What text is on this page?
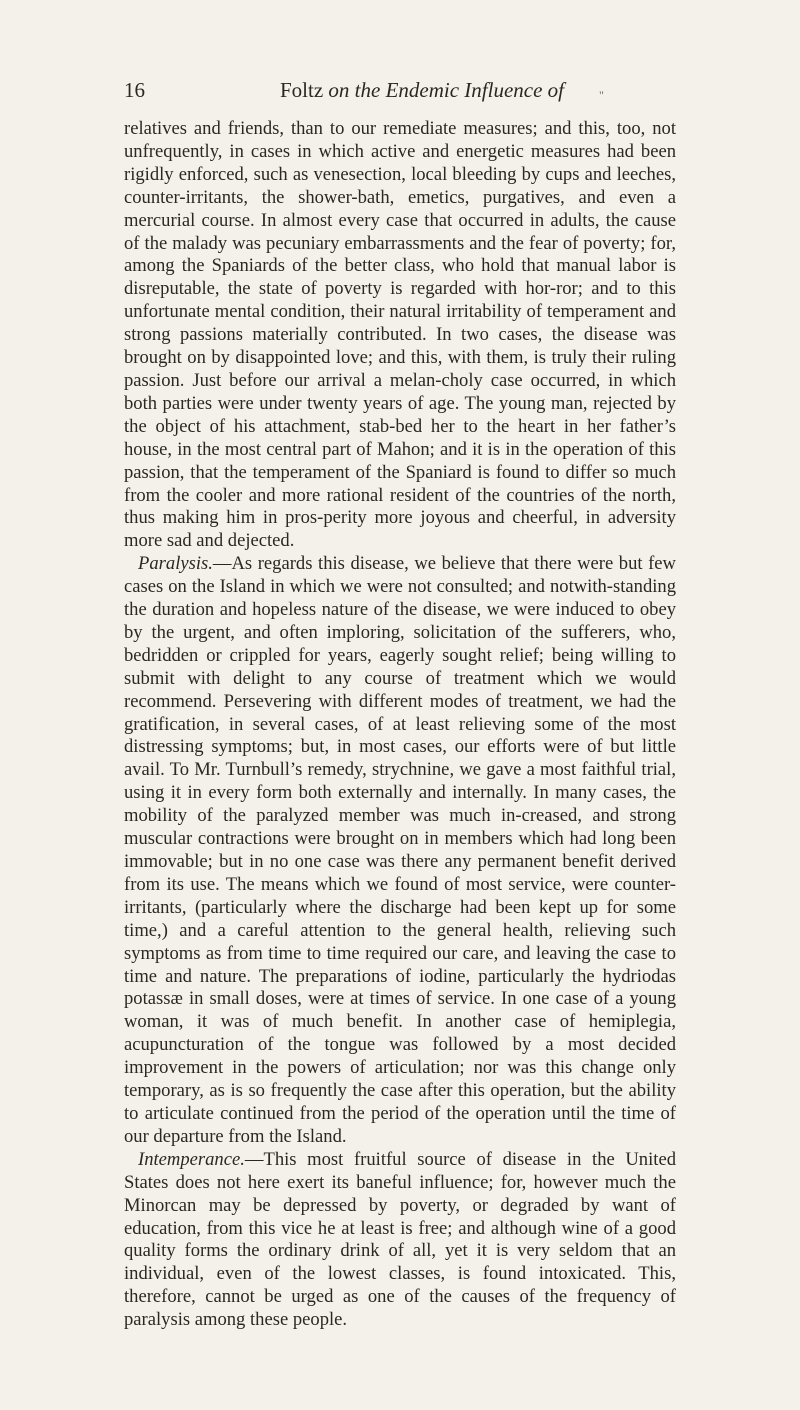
16	Foltz on the Endemic Influence of	"

relatives and friends, than to our remediate measures; and this, too, not unfrequently, in cases in which active and energetic measures had been rigidly enforced, such as venesection, local bleeding by cups and leeches, counter-irritants, the shower-bath, emetics, purgatives, and even a mercurial course. In almost every case that occurred in adults, the cause of the malady was pecuniary embarrassments and the fear of poverty; for, among the Spaniards of the better class, who hold that manual labor is disreputable, the state of poverty is regarded with hor-ror; and to this unfortunate mental condition, their natural irritability of temperament and strong passions materially contributed. In two cases, the disease was brought on by disappointed love; and this, with them, is truly their ruling passion. Just before our arrival a melan-choly case occurred, in which both parties were under twenty years of age. The young man, rejected by the object of his attachment, stab-bed her to the heart in her father’s house, in the most central part of Mahon; and it is in the operation of this passion, that the temperament of the Spaniard is found to differ so much from the cooler and more rational resident of the countries of the north, thus making him in pros-perity more joyous and cheerful, in adversity more sad and dejected.

Paralysis.—As regards this disease, we believe that there were but few cases on the Island in which we were not consulted; and notwith-standing the duration and hopeless nature of the disease, we were induced to obey by the urgent, and often imploring, solicitation of the sufferers, who, bedridden or crippled for years, eagerly sought relief; being willing to submit with delight to any course of treatment which we would recommend. Persevering with different modes of treatment, we had the gratification, in several cases, of at least relieving some of the most distressing symptoms; but, in most cases, our efforts were of but little avail. To Mr. Turnbull’s remedy, strychnine, we gave a most faithful trial, using it in every form both externally and internally. In many cases, the mobility of the paralyzed member was much in-creased, and strong muscular contractions were brought on in members which had long been immovable; but in no one case was there any permanent benefit derived from its use. The means which we found of most service, were counter-irritants, (particularly where the discharge had been kept up for some time,) and a careful attention to the general health, relieving such symptoms as from time to time required our care, and leaving the case to time and nature. The preparations of iodine, particularly the hydriodas potassæ in small doses, were at times of service. In one case of a young woman, it was of much benefit. In another case of hemiplegia, acupuncturation of the tongue was followed by a most decided improvement in the powers of articulation; nor was this change only temporary, as is so frequently the case after this operation, but the ability to articulate continued from the period of the operation until the time of our departure from the Island.

Intemperance.—This most fruitful source of disease in the United States does not here exert its baneful influence; for, however much the Minorcan may be depressed by poverty, or degraded by want of education, from this vice he at least is free; and although wine of a good quality forms the ordinary drink of all, yet it is very seldom that an individual, even of the lowest classes, is found intoxicated. This, therefore, cannot be urged as one of the causes of the frequency of paralysis among these people.
